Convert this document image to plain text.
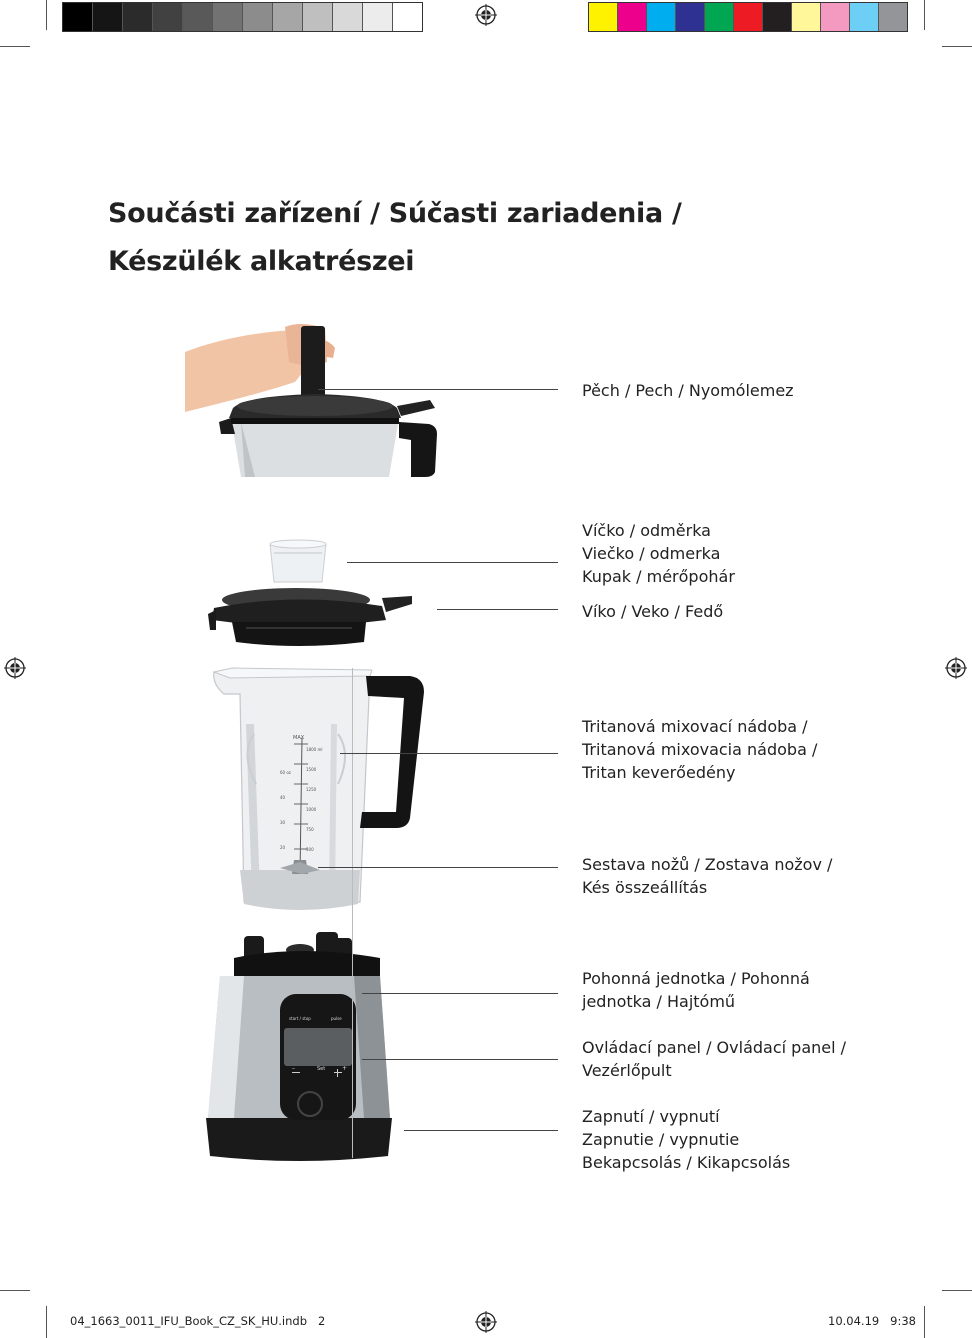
Součásti zařízení / Súčasti zariadenia /
Készülék alkatrészei
MAX
1800 ml
1500
1250
1000
750
500
60 oz
40
30
20
start / stop	pulse
–	Set	+
Pěch / Pech / Nyomólemez
Víčko / odměrka
Viečko / odmerka
Kupak / mérőpohár
Víko / Veko / Fedő
Tritanová mixovací nádoba /
Tritanová mixovacia nádoba /
Tritan keverőedény
Sestava nožů / Zostava nožov /
Kés összeállítás
Pohonná jednotka / Pohonná
jednotka / Hajtómű
Ovládací panel / Ovládací panel /
Vezérlőpult
Zapnutí / vypnutí
Zapnutie / vypnutie
Bekapcsolás / Kikapcsolás
04_1663_0011_IFU_Book_CZ_SK_HU.indb   2	10.04.19   9:38
